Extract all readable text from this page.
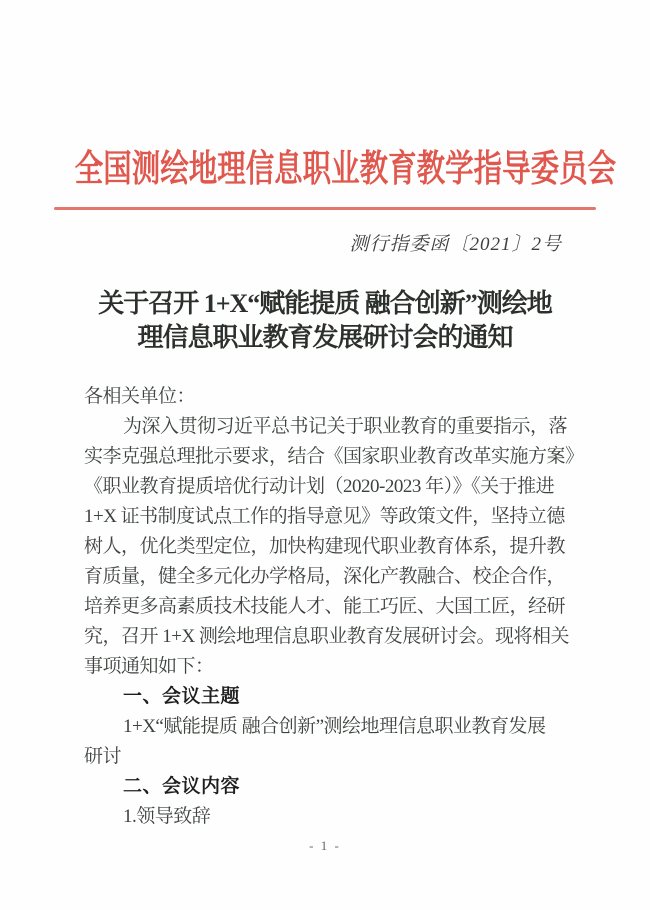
全国测绘地理信息职业教育教学指导委员会
测行指委函〔2021〕2号
关于召开 1+X“赋能提质 融合创新”测绘地
理信息职业教育发展研讨会的通知
各相关单位：
为深入贯彻习近平总书记关于职业教育的重要指示，落
实李克强总理批示要求，结合《国家职业教育改革实施方案》
《职业教育提质培优行动计划（2020-2023 年）》《关于推进
1+X 证书制度试点工作的指导意见》等政策文件，坚持立德
树人，优化类型定位，加快构建现代职业教育体系，提升教
育质量，健全多元化办学格局，深化产教融合、校企合作，
培养更多高素质技术技能人才、能工巧匠、大国工匠，经研
究，召开 1+X 测绘地理信息职业教育发展研讨会。现将相关
事项通知如下：
一、会议主题
1+X“赋能提质 融合创新”测绘地理信息职业教育发展
研讨
二、会议内容
1.领导致辞
- 1 -
